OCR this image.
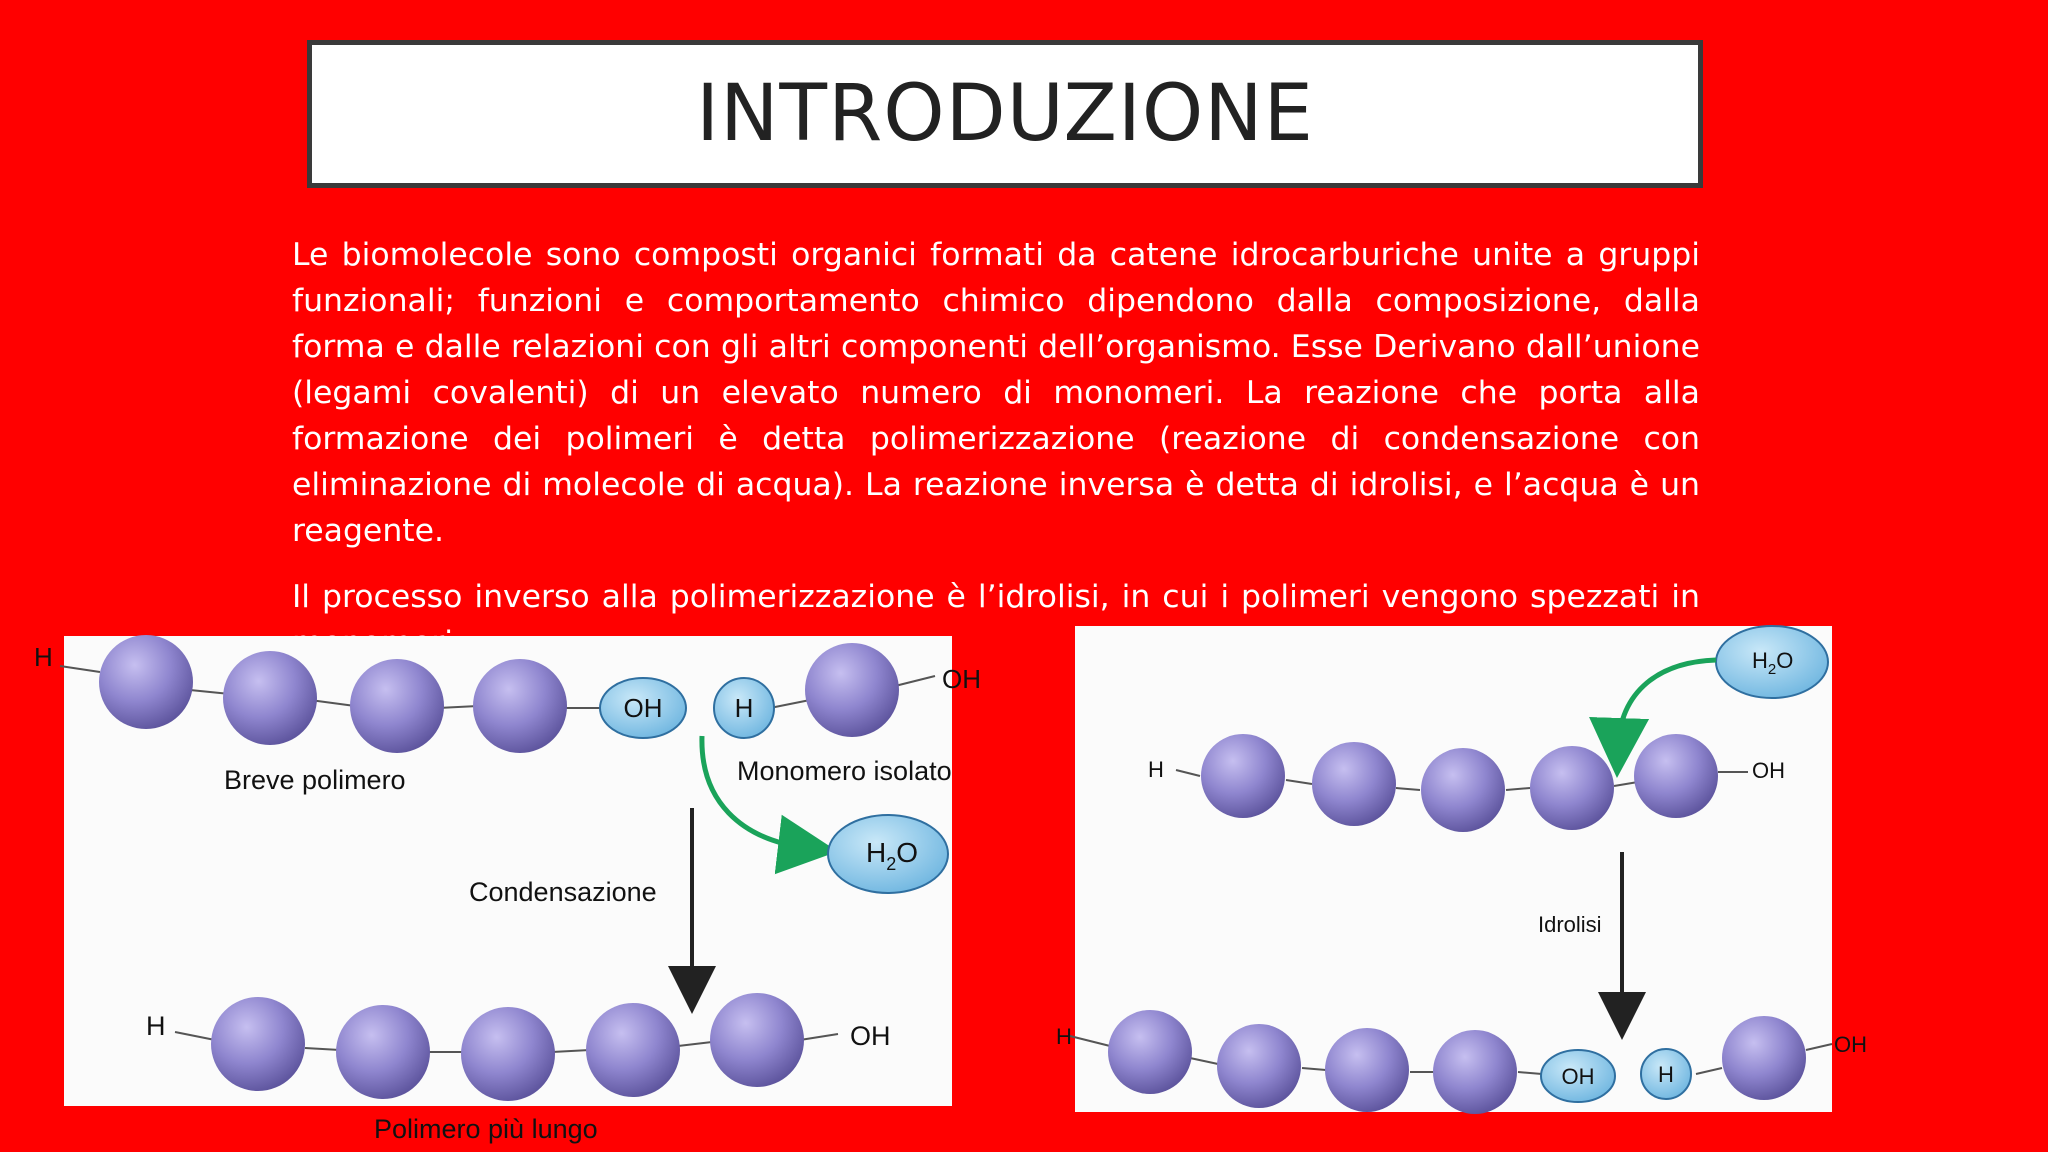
INTRODUZIONE

Le biomolecole sono composti organici formati da catene idrocarburiche unite a gruppi funzionali; funzioni e comportamento chimico dipendono dalla composizione, dalla forma e dalle relazioni con gli altri componenti dell’organismo. Esse Derivano dall’unione (legami covalenti) di un elevato numero di monomeri. La reazione che porta alla formazione dei polimeri è detta polimerizzazione (reazione di condensazione con eliminazione di molecole di acqua). La reazione inversa è detta di idrolisi, e l’acqua è un reagente.

Il processo inverso alla polimerizzazione è l’idrolisi, in cui i polimeri vengono spezzati in

H
OH	H
OH
Breve polimero	Monomero isolato
$H_2O$
Condensazione
H	OH
Polimero più lungo
$H_2O$
H	OH
Idrolisi
H
OH	H
OH
